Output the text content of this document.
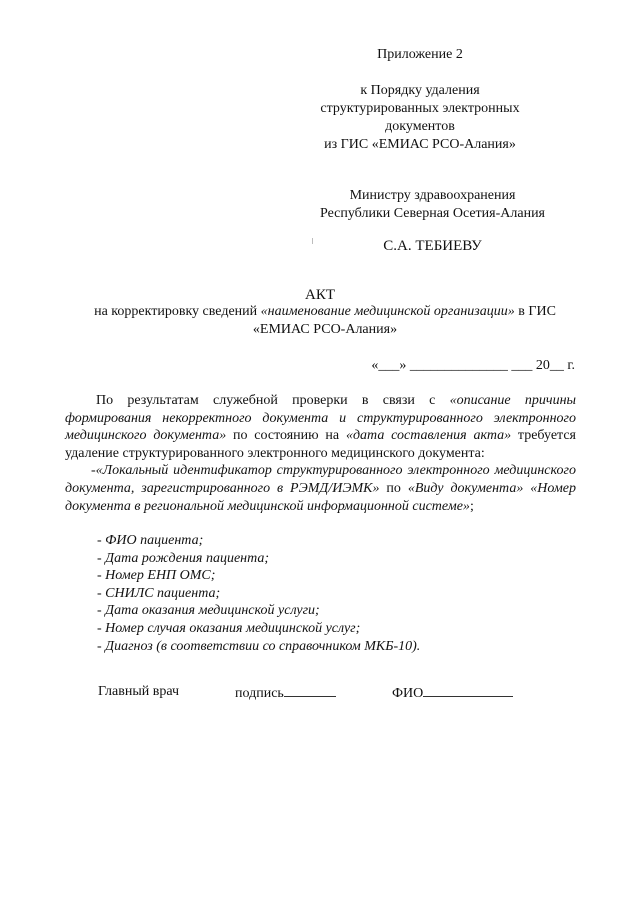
Приложение 2
к Порядку удаления
структурированных электронных
документов
из ГИС «ЕМИАС РСО-Алания»
Министру здравоохранения
Республики Северная Осетия-Алания
С.А. ТЕБИЕВУ
АКТ
на корректировку сведений «наименование медицинской организации» в ГИС
«ЕМИАС РСО-Алания»
«___» ______________ ___ 20__ г.

По результатам служебной проверки в связи с «описание причины формирования некорректного документа и структурированного электронного медицинского документа» по состоянию на «дата составления акта» требуется удаление структурированного электронного медицинского документа:

-«Локальный идентификатор структурированного электронного медицинского документа, зарегистрированного в РЭМД/ИЭМК» по «Виду документа» «Номер документа в региональной медицинской информационной системе»;

- ФИО пациента;
- Дата рождения пациента;
- Номер ЕНП ОМС;
- СНИЛС пациента;
- Дата оказания медицинской услуги;
- Номер случая оказания медицинской услуг;
- Диагноз (в соответствии со справочником МКБ-10).
Главный врач	подпись	ФИО
